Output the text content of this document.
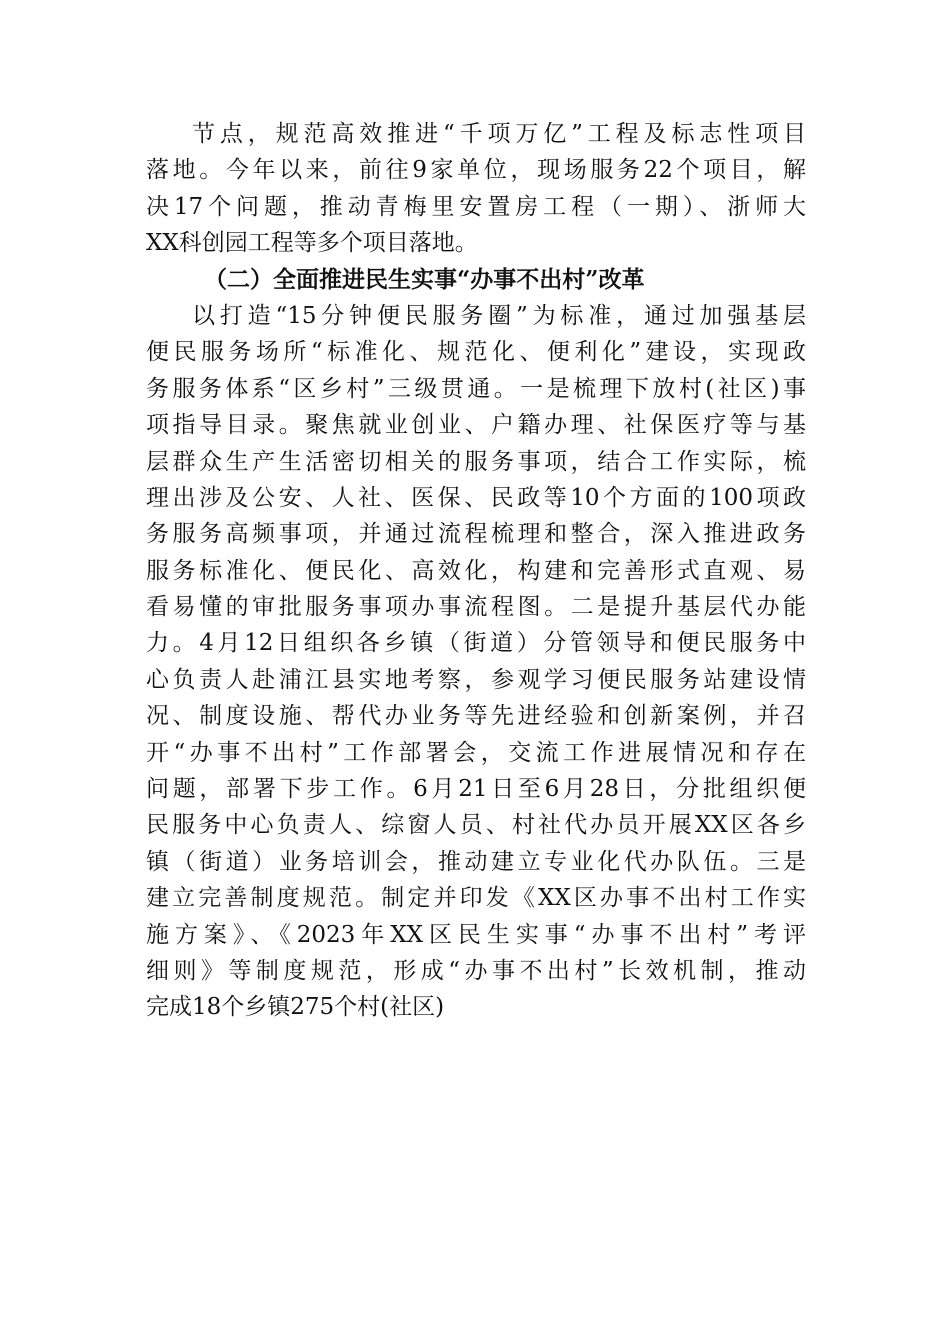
节点，规范高效推进“千项万亿”工程及标志性项目
落地。今年以来，前往9家单位，现场服务22个项目，解
决17个问题，推动青梅里安置房工程（一期）、浙师大
XX科创园工程等多个项目落地。
（二）全面推进民生实事“办事不出村”改革
以打造“15分钟便民服务圈”为标准，通过加强基层
便民服务场所“标准化、规范化、便利化”建设，实现政
务服务体系“区乡村”三级贯通。一是梳理下放村(社区)事
项指导目录。聚焦就业创业、户籍办理、社保医疗等与基
层群众生产生活密切相关的服务事项，结合工作实际，梳
理出涉及公安、人社、医保、民政等10个方面的100项政
务服务高频事项，并通过流程梳理和整合，深入推进政务
服务标准化、便民化、高效化，构建和完善形式直观、易
看易懂的审批服务事项办事流程图。二是提升基层代办能
力。4月12日组织各乡镇（街道）分管领导和便民服务中
心负责人赴浦江县实地考察，参观学习便民服务站建设情
况、制度设施、帮代办业务等先进经验和创新案例，并召
开“办事不出村”工作部署会，交流工作进展情况和存在
问题，部署下步工作。6月21日至6月28日，分批组织便
民服务中心负责人、综窗人员、村社代办员开展XX区各乡
镇（街道）业务培训会，推动建立专业化代办队伍。三是
建立完善制度规范。制定并印发《XX区办事不出村工作实
施方案》、《2023年XX区民生实事“办事不出村”考评
细则》等制度规范，形成“办事不出村”长效机制，推动
完成18个乡镇275个村(社区)
